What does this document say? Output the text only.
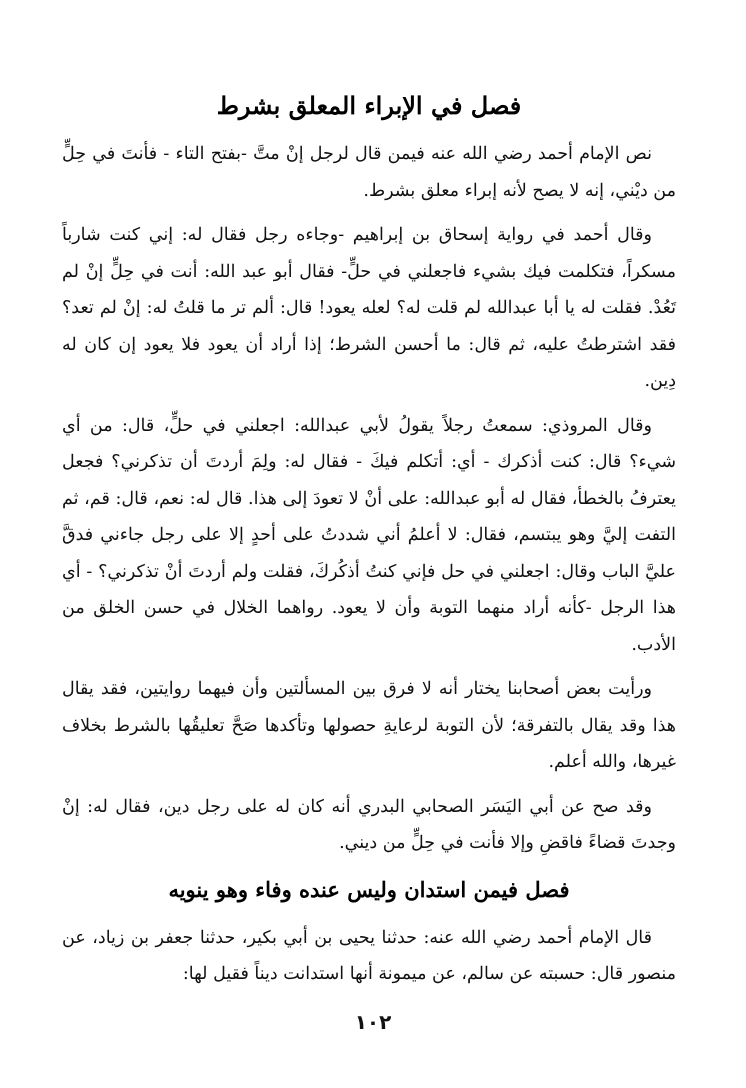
فصل في الإبراء المعلق بشرط

نص الإمام أحمد رضي الله عنه فيمن قال لرجل إنْ متَّ -بفتح التاء - فأنتَ في حِلٍّ من ديْني، إنه لا يصح لأنه إبراء معلق بشرط.

وقال أحمد في رواية إسحاق بن إبراهيم -وجاءه رجل فقال له: إني كنت شارباً مسكراً، فتكلمت فيك بشيء فاجعلني في حلٍّ- فقال أبو عبد الله: أنت في حِلٍّ إنْ لم تَعُدْ. فقلت له يا أبا عبدالله لم قلت له؟ لعله يعود! قال: ألم تر ما قلتُ له: إنْ لم تعد؟ فقد اشترطتُ عليه، ثم قال: ما أحسن الشرط؛ إذا أراد أن يعود فلا يعود إن كان له دِين.

وقال المروذي: سمعتُ رجلاً يقولُ لأبي عبدالله: اجعلني في حلٍّ، قال: من أي شيء؟ قال: كنت أذكرك - أي: أتكلم فيكَ - فقال له: ولِمَ أردتَ أن تذكرني؟ فجعل يعترفُ بالخطأ، فقال له أبو عبدالله: على أنْ لا تعودَ إلى هذا. قال له: نعم، قال: قم، ثم التفت إليَّ وهو يبتسم، فقال: لا أعلمُ أني شددتُ على أحدٍ إلا على رجل جاءني فدقَّ عليَّ الباب وقال: اجعلني في حل فإني كنتُ أذكُركَ، فقلت ولم أردتَ أنْ تذكرني؟ - أي هذا الرجل -كأنه أراد منهما التوبة وأن لا يعود. رواهما الخلال في حسن الخلق من الأدب.

ورأيت بعض أصحابنا يختار أنه لا فرق بين المسألتين وأن فيهما روايتين، فقد يقال هذا وقد يقال بالتفرقة؛ لأن التوبة لرعايةِ حصولها وتأكدها صَحَّ تعليقُها بالشرط بخلاف غيرها، والله أعلم.

وقد صح عن أبي اليَسَر الصحابي البدري أنه كان له على رجل دين، فقال له: إنْ وجدتَ قضاءً فاقضِ وإلا فأنت في حِلٍّ من ديني.

فصل فيمن استدان وليس عنده وفاء وهو ينويه

قال الإمام أحمد رضي الله عنه: حدثنا يحيى بن أبي بكير، حدثنا جعفر بن زياد، عن منصور قال: حسبته عن سالم، عن ميمونة أنها استدانت ديناً فقيل لها:

١٠٢
